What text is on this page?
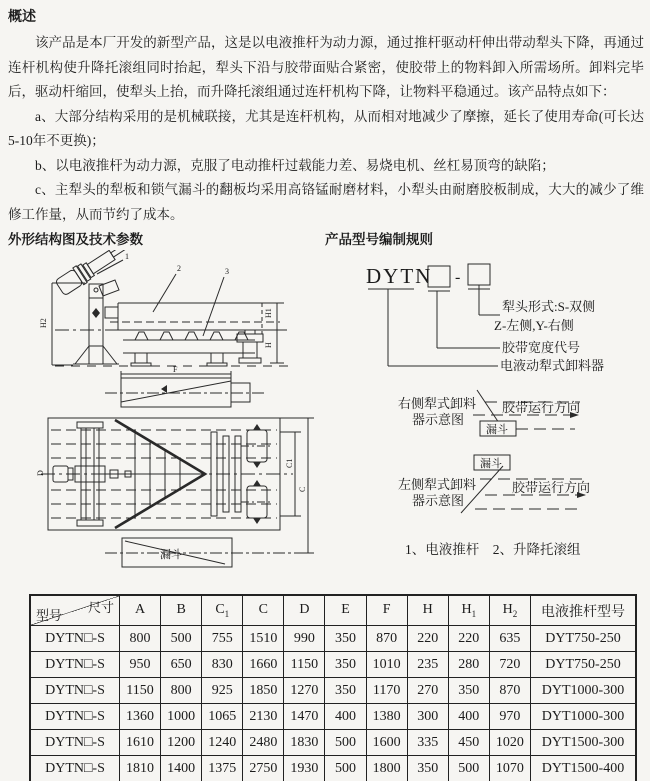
概述

该产品是本厂开发的新型产品，这是以电液推杆为动力源，通过推杆驱动杆伸出带动犁头下降，再通过连杆机构使升降托滚组同时抬起，犁头下沿与胶带面贴合紧密，使胶带上的物料卸入所需场所。卸料完毕后，驱动杆缩回，使犁头上抬，而升降托滚组通过连杆机构下降，让物料平稳通过。该产品特点如下：

a、大部分结构采用的是机械联接，尤其是连杆机构，从而相对地减少了摩擦，延长了使用寿命(可长达5-10年不更换)；

b、以电液推杆为动力源，克服了电动推杆过载能力差、易烧电机、丝杠易顶弯的缺陷；

c、主犁头的犁板和锁气漏斗的翻板均采用高铬锰耐磨材料，小犁头由耐磨胶板制成，大大的减少了维修工作量，从而节约了成本。

外形结构图及技术参数	产品型号编制规则
H2
H1
H
1
2	3
F
D
C1
C
漏斗
DYTN -
犁头形式:S-双侧
Z-左侧,Y-右侧
胶带宽度代号
电液动犁式卸料器
右侧犁式卸料
器示意图
胶带运行方向
漏斗
漏斗
左侧犁式卸料
器示意图
胶带运行方向
1、电液推杆　2、升降托滚组
尺寸
型号	A	B	$C_1$	C	D	E	F	H	$H_1$	$H_2$	电液推杆型号
DYTN□-S	800	500	755	1510	990	350	870	220	220	635	DYT750-250
DYTN□-S	950	650	830	1660	1150	350	1010	235	280	720	DYT750-250
DYTN□-S	1150	800	925	1850	1270	350	1170	270	350	870	DYT1000-300
DYTN□-S	1360	1000	1065	2130	1470	400	1380	300	400	970	DYT1000-300
DYTN□-S	1610	1200	1240	2480	1830	500	1600	335	450	1020	DYT1500-300
DYTN□-S	1810	1400	1375	2750	1930	500	1800	350	500	1070	DYT1500-400
